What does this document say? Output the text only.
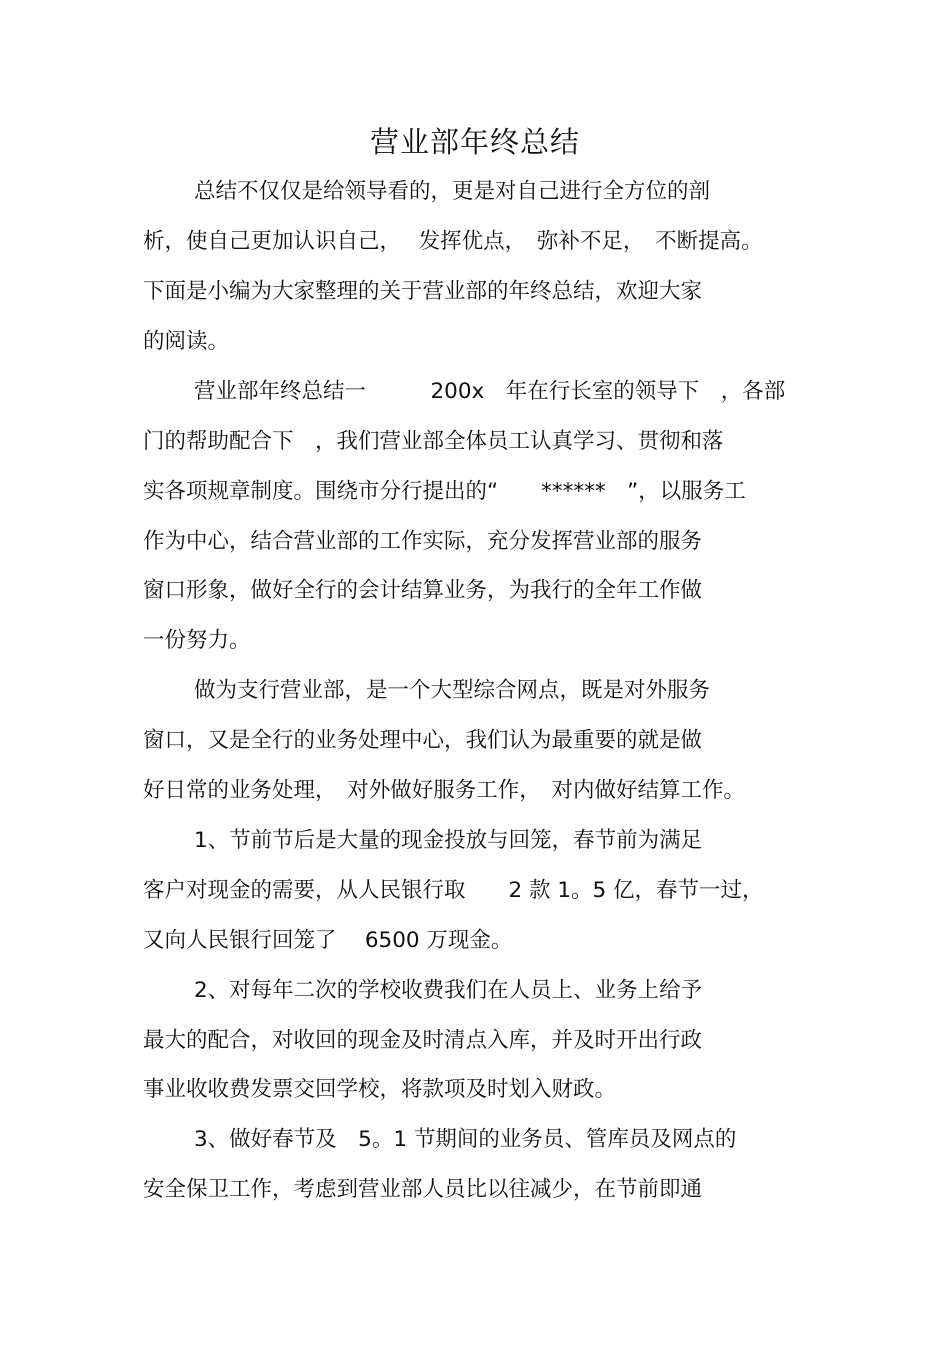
营业部年终总结
总结不仅仅是给领导看的，更是对自己进行全方位的剖
析，使自己更加认识自己，　 发挥优点，　弥补不足，　不断提高。
下面是小编为大家整理的关于营业部的年终总结，欢迎大家
的阅读。
营业部年终总结一　　　200x　年在行长室的领导下　，各部
门的帮助配合下　，我们营业部全体员工认真学习、贯彻和落
实各项规章制度。围绕市分行提出的“　　******　”，以服务工
作为中心，结合营业部的工作实际，充分发挥营业部的服务
窗口形象，做好全行的会计结算业务，为我行的全年工作做
一份努力。
做为支行营业部，是一个大型综合网点，既是对外服务
窗口，又是全行的业务处理中心，我们认为最重要的就是做
好日常的业务处理，　对外做好服务工作，　对内做好结算工作。
1、节前节后是大量的现金投放与回笼，春节前为满足
客户对现金的需要，从人民银行取　　2 款 1。5 亿，春节一过，
又向人民银行回笼了　 6500 万现金。
2、对每年二次的学校收费我们在人员上、业务上给予
最大的配合，对收回的现金及时清点入库，并及时开出行政
事业收收费发票交回学校，将款项及时划入财政。
3、做好春节及　5。1 节期间的业务员、管库员及网点的
安全保卫工作，考虑到营业部人员比以往减少，在节前即通
